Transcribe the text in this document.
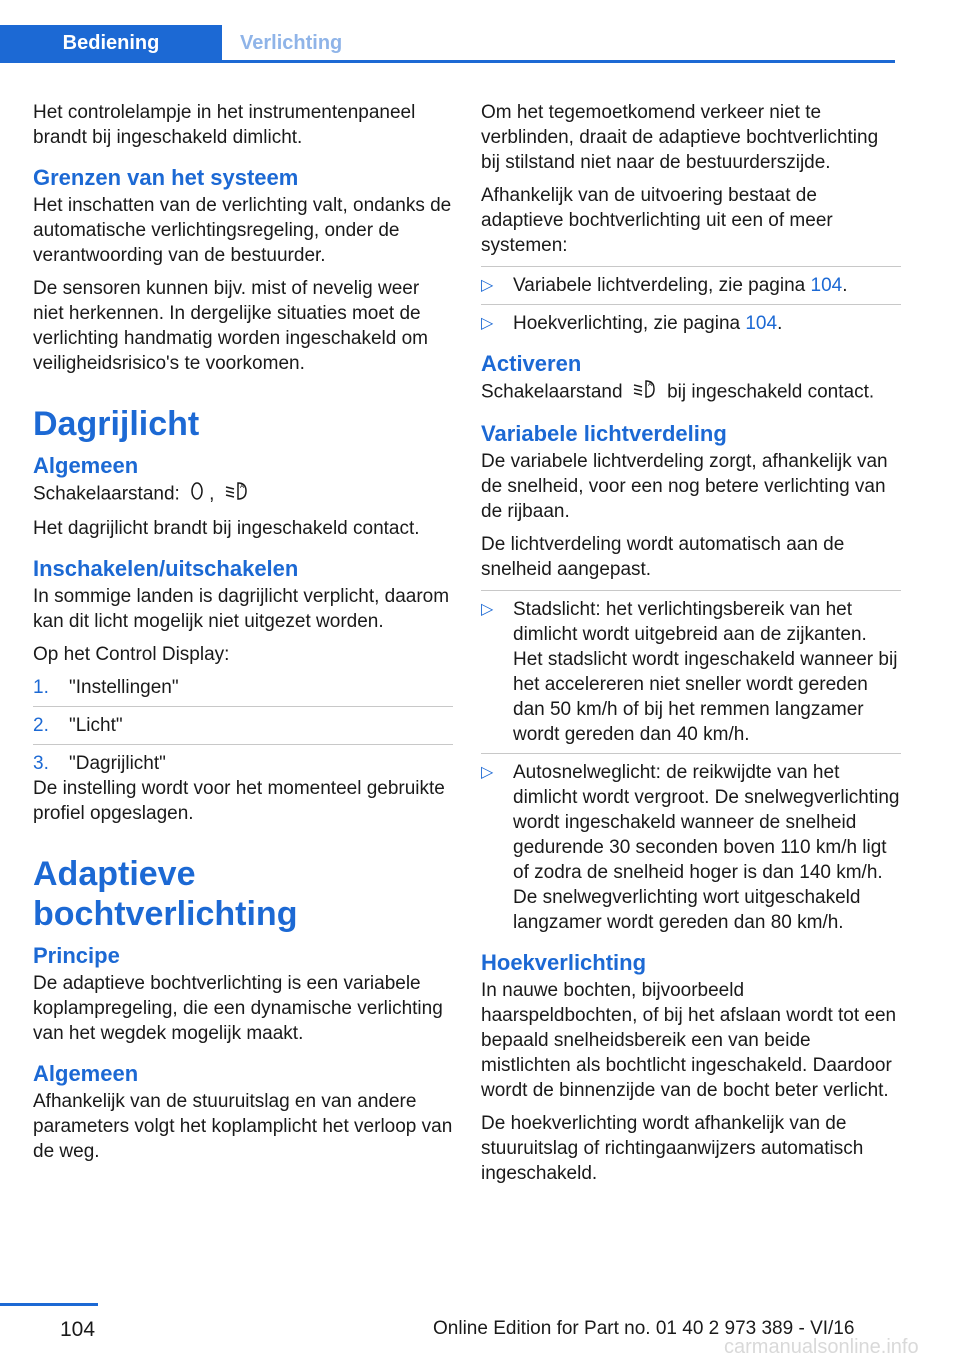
Bediening	Verlichting

Het controlelampje in het instrumentenpaneel brandt bij ingeschakeld dimlicht.

Grenzen van het systeem

Het inschatten van de verlichting valt, ondanks de automatische verlichtingsregeling, onder de verantwoording van de bestuurder.

De sensoren kunnen bijv. mist of nevelig weer niet herkennen. In dergelijke situaties moet de verlichting handmatig worden ingeschakeld om veiligheidsrisico's te voorkomen.

Dagrijlicht
Algemeen

Schakelaarstand: ,	A

Het dagrijlicht brandt bij ingeschakeld contact.

Inschakelen/uitschakelen

In sommige landen is dagrijlicht verplicht, daarom kan dit licht mogelijk niet uitgezet worden.

Op het Control Display:

1.	"Instellingen"
2.	"Licht"
3.	"Dagrijlicht"

De instelling wordt voor het momenteel gebruikte profiel opgeslagen.

Adaptieve bochtverlichting
Principe

De adaptieve bochtverlichting is een variabele koplampregeling, die een dynamische verlichting van het wegdek mogelijk maakt.

Algemeen

Afhankelijk van de stuuruitslag en van andere parameters volgt het koplamplicht het verloop van de weg.

Om het tegemoetkomend verkeer niet te verblinden, draait de adaptieve bochtverlichting bij stilstand niet naar de bestuurderszijde.

Afhankelijk van de uitvoering bestaat de adaptieve bochtverlichting uit een of meer systemen:

▷	Variabele lichtverdeling, zie pagina 104.
▷	Hoekverlichting, zie pagina 104.
Activeren

Schakelaarstand	A bij ingeschakeld contact.

Variabele lichtverdeling

De variabele lichtverdeling zorgt, afhankelijk van de snelheid, voor een nog betere verlichting van de rijbaan.

De lichtverdeling wordt automatisch aan de snelheid aangepast.

▷	Stadslicht: het verlichtingsbereik van het dimlicht wordt uitgebreid aan de zijkanten. Het stadslicht wordt ingeschakeld wanneer bij het accelereren niet sneller wordt gereden dan 50 km/h of bij het remmen langzamer wordt gereden dan 40 km/h.
▷	Autosnelweglicht: de reikwijdte van het dimlicht wordt vergroot. De snelwegverlichting wordt ingeschakeld wanneer de snelheid gedurende 30 seconden boven 110 km/h ligt of zodra de snelheid hoger is dan 140 km/h. De snelwegverlichting wort uitgeschakeld langzamer wordt gereden dan 80 km/h.
Hoekverlichting

In nauwe bochten, bijvoorbeeld haarspeldbochten, of bij het afslaan wordt tot een bepaald snelheidsbereik een van beide mistlichten als bochtlicht ingeschakeld. Daardoor wordt de binnenzijde van de bocht beter verlicht.

De hoekverlichting wordt afhankelijk van de stuuruitslag of richtingaanwijzers automatisch ingeschakeld.

104	Online Edition for Part no. 01 40 2 973 389 - VI/16
carmanualsonline.info
